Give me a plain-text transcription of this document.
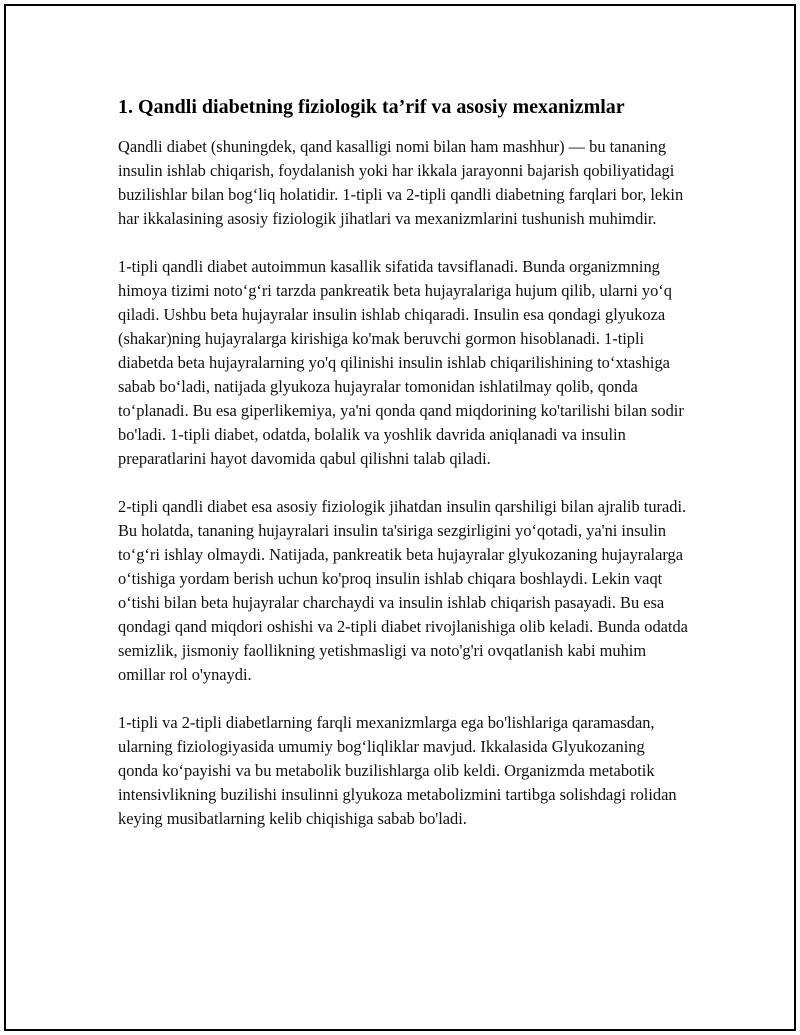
1. Qandli diabetning fiziologik ta’rif va asosiy mexanizmlar

Qandli diabet (shuningdek, qand kasalligi nomi bilan ham mashhur) — bu tananing insulin ishlab chiqarish, foydalanish yoki har ikkala jarayonni bajarish qobiliyatidagi buzilishlar bilan bog‘liq holatidir. 1-tipli va 2-tipli qandli diabetning farqlari bor, lekin har ikkalasining asosiy fiziologik jihatlari va mexanizmlarini tushunish muhimdir.

1-tipli qandli diabet autoimmun kasallik sifatida tavsiflanadi. Bunda organizmning himoya tizimi noto‘g‘ri tarzda pankreatik beta hujayralariga hujum qilib, ularni yo‘q qiladi. Ushbu beta hujayralar insulin ishlab chiqaradi. Insulin esa qondagi glyukoza (shakar)ning hujayralarga kirishiga ko'mak beruvchi gormon hisoblanadi. 1-tipli diabetda beta hujayralarning yo'q qilinishi insulin ishlab chiqarilishining to‘xtashiga sabab bo‘ladi, natijada glyukoza hujayralar tomonidan ishlatilmay qolib, qonda to‘planadi. Bu esa giperlikemiya, ya'ni qonda qand miqdorining ko'tarilishi bilan sodir bo'ladi. 1-tipli diabet, odatda, bolalik va yoshlik davrida aniqlanadi va insulin preparatlarini hayot davomida qabul qilishni talab qiladi.

2-tipli qandli diabet esa asosiy fiziologik jihatdan insulin qarshiligi bilan ajralib turadi. Bu holatda, tananing hujayralari insulin ta'siriga sezgirligini yo‘qotadi, ya'ni insulin to‘g‘ri ishlay olmaydi. Natijada, pankreatik beta hujayralar glyukozaning hujayralarga o‘tishiga yordam berish uchun ko'proq insulin ishlab chiqara boshlaydi. Lekin vaqt o‘tishi bilan beta hujayralar charchaydi va insulin ishlab chiqarish pasayadi. Bu esa qondagi qand miqdori oshishi va 2-tipli diabet rivojlanishiga olib keladi. Bunda odatda semizlik, jismoniy faollikning yetishmasligi va noto'g'ri ovqatlanish kabi muhim omillar rol o'ynaydi.

1-tipli va 2-tipli diabetlarning farqli mexanizmlarga ega bo'lishlariga qaramasdan, ularning fiziologiyasida umumiy bog‘liqliklar mavjud. Ikkalasida Glyukozaning qonda ko‘payishi va bu metabolik buzilishlarga olib keldi. Organizmda metabotik intensivlikning buzilishi insulinni glyukoza metabolizmini tartibga solishdagi rolidan keying musibatlarning kelib chiqishiga sabab bo'ladi.
